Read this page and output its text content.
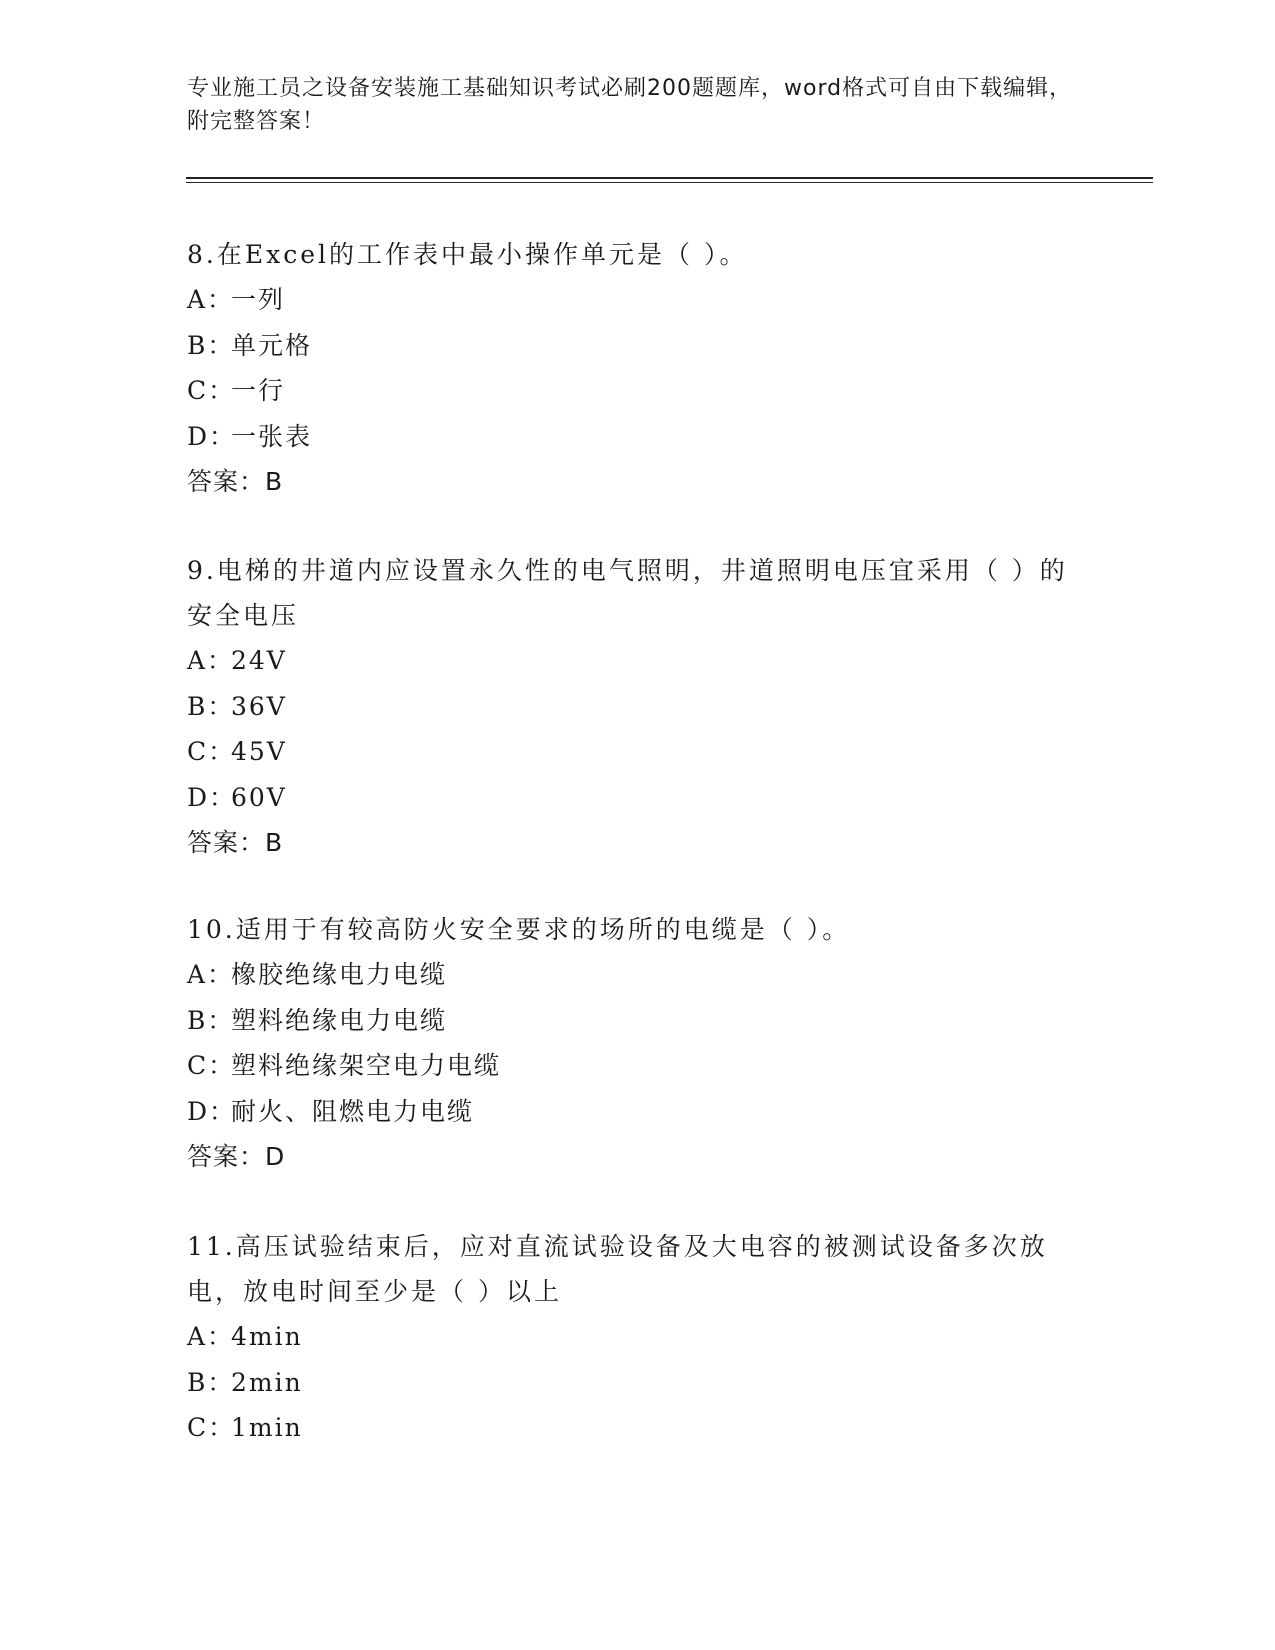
专业施工员之设备安装施工基础知识考试必刷200题题库，word格式可自由下载编辑，附完整答案！

8.在Excel的工作表中最小操作单元是（ ）。

A：一列

B：单元格

C：一行

D：一张表

答案：B

9.电梯的井道内应设置永久性的电气照明，井道照明电压宜采用（ ）的安全电压

A：24V

B：36V

C：45V

D：60V

答案：B

10.适用于有较高防火安全要求的场所的电缆是（ ）。

A：橡胶绝缘电力电缆

B：塑料绝缘电力电缆

C：塑料绝缘架空电力电缆

D：耐火、阻燃电力电缆

答案：D

11.高压试验结束后，应对直流试验设备及大电容的被测试设备多次放电，放电时间至少是（ ）以上

A：4min

B：2min

C：1min
